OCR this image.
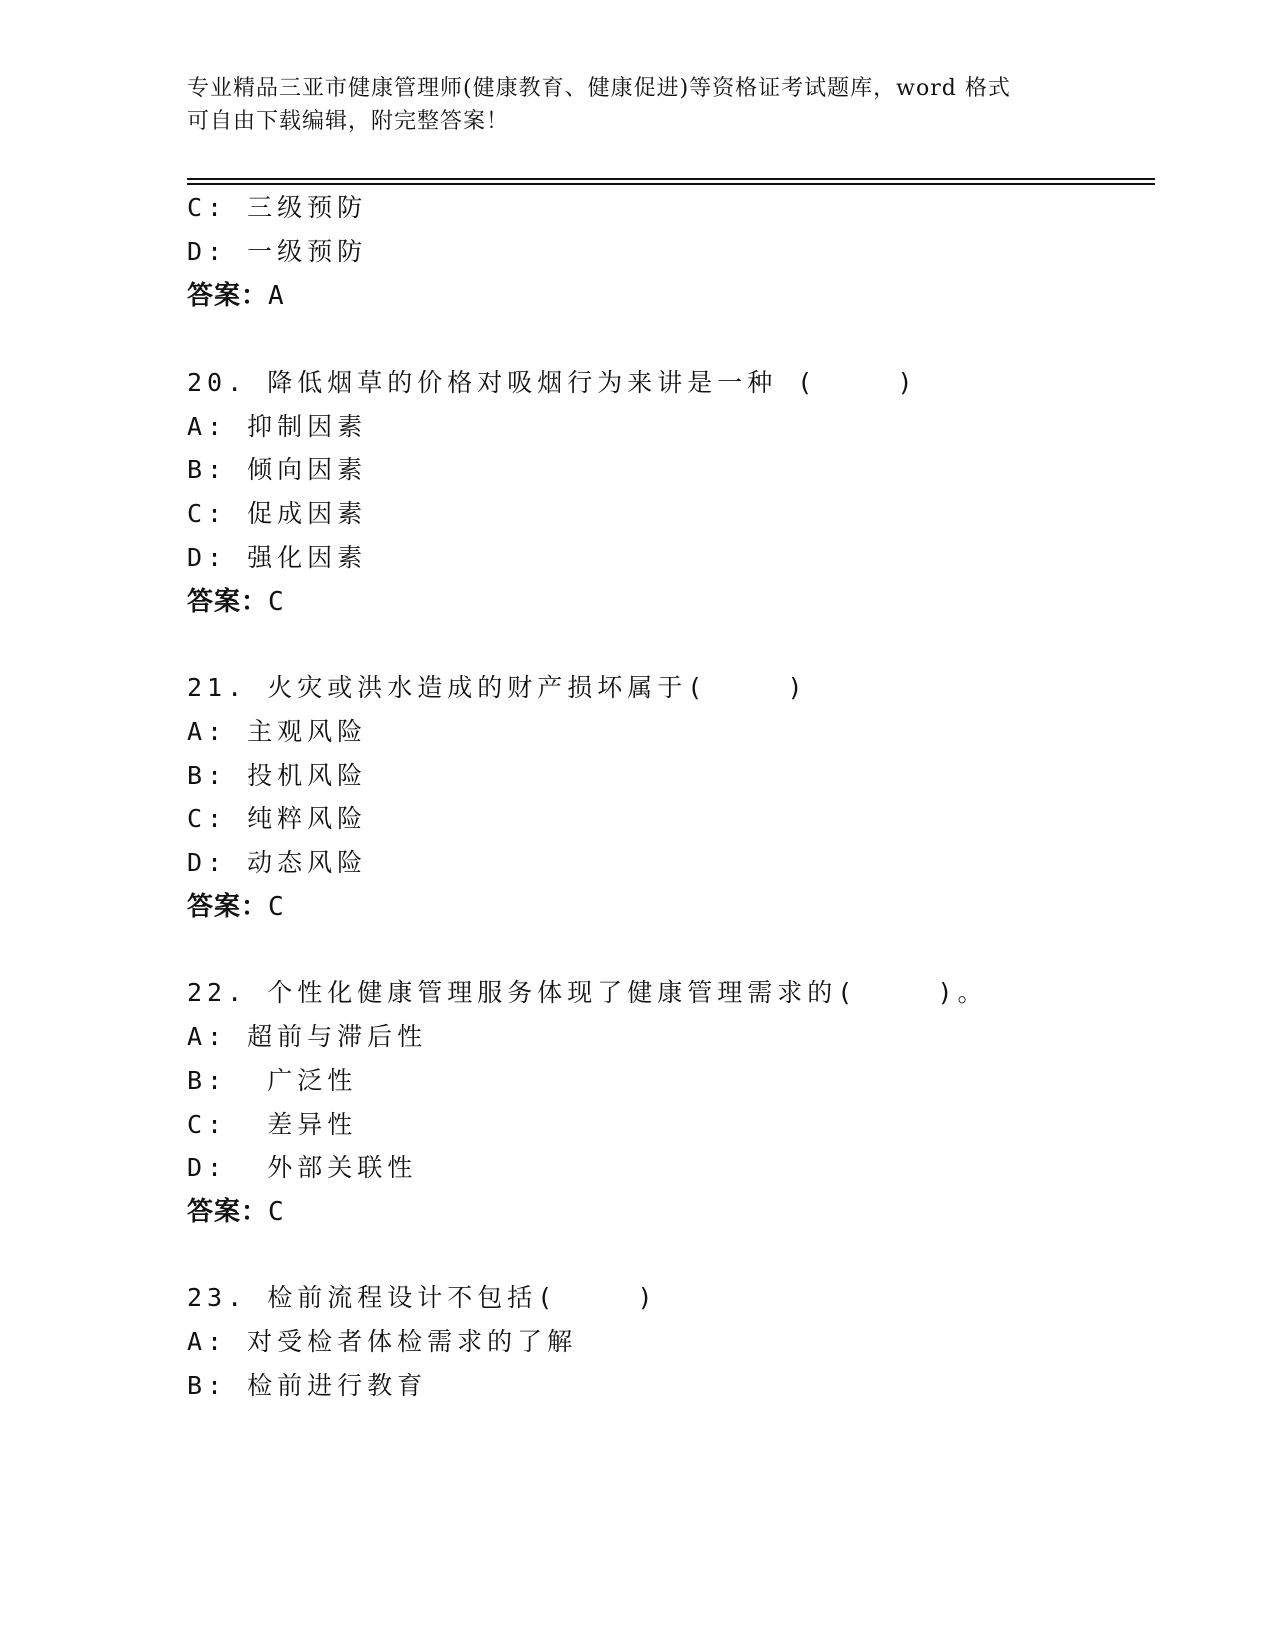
专业精品三亚市健康管理师(健康教育、健康促进)等资格证考试题库，word 格式
可自由下载编辑，附完整答案！
C: 三级预防
D: 一级预防
答案：A
20. 降低烟草的价格对吸烟行为来讲是一种 (    )
A: 抑制因素
B: 倾向因素
C: 促成因素
D: 强化因素
答案：C
21. 火灾或洪水造成的财产损坏属于(    )
A: 主观风险
B: 投机风险
C: 纯粹风险
D: 动态风险
答案：C
22. 个性化健康管理服务体现了健康管理需求的(    )。
A: 超前与滞后性
B:  广泛性
C:  差异性
D:  外部关联性
答案：C
23. 检前流程设计不包括(    )
A: 对受检者体检需求的了解
B: 检前进行教育
